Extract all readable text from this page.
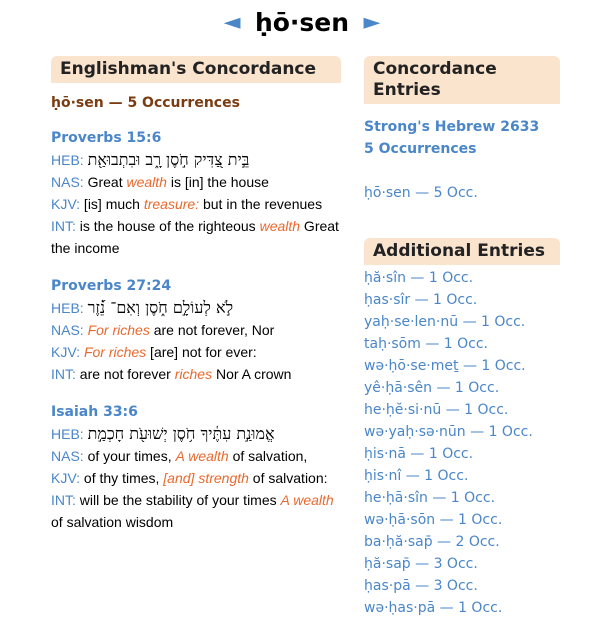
◄ ḥō·sen ►
Englishman's Concordance
ḥō·sen — 5 Occurrences
Proverbs 15:6
HEB: בֵּ֣ית צַ֭דִּיק חֹ֣סֶן רָ֑ב וּבִתְבוּאַ֖ת
NAS: Great wealth is [in] the house
KJV: [is] much treasure: but in the revenues
INT: is the house of the righteous wealth Great the income
Proverbs 27:24
HEB: לֹ֣א לְעוֹלָ֣ם חֹ֑סֶן וְאִם־ נֵ֝֗זֶר
NAS: For riches are not forever, Nor
KJV: For riches [are] not for ever:
INT: are not forever riches Nor A crown
Isaiah 33:6
HEB: אֱמוּנַ֣ת עִתֶּ֔יךָ חֹ֥סֶן יְשׁוּעֹ֖ת חָכְמַ֣ת
NAS: of your times, A wealth of salvation,
KJV: of thy times, [and] strength of salvation:
INT: will be the stability of your times A wealth of salvation wisdom
Concordance Entries
Strong's Hebrew 2633
5 Occurrences
ḥō·sen — 5 Occ.
Additional Entries
ḥă·sîn — 1 Occ.
ḥas·sîr — 1 Occ.
yaḥ·se·len·nū — 1 Occ.
taḥ·sōm — 1 Occ.
wə·ḥō·se·meṯ — 1 Occ.
yê·ḥā·sên — 1 Occ.
he·ḥĕ·si·nū — 1 Occ.
wə·yaḥ·sə·nūn — 1 Occ.
ḥis·nā — 1 Occ.
ḥis·nî — 1 Occ.
he·ḥā·sîn — 1 Occ.
wə·ḥā·sōn — 1 Occ.
ba·ḥă·sap̄ — 2 Occ.
ḥă·sap̄ — 3 Occ.
ḥas·pā — 3 Occ.
wə·ḥas·pā — 1 Occ.
